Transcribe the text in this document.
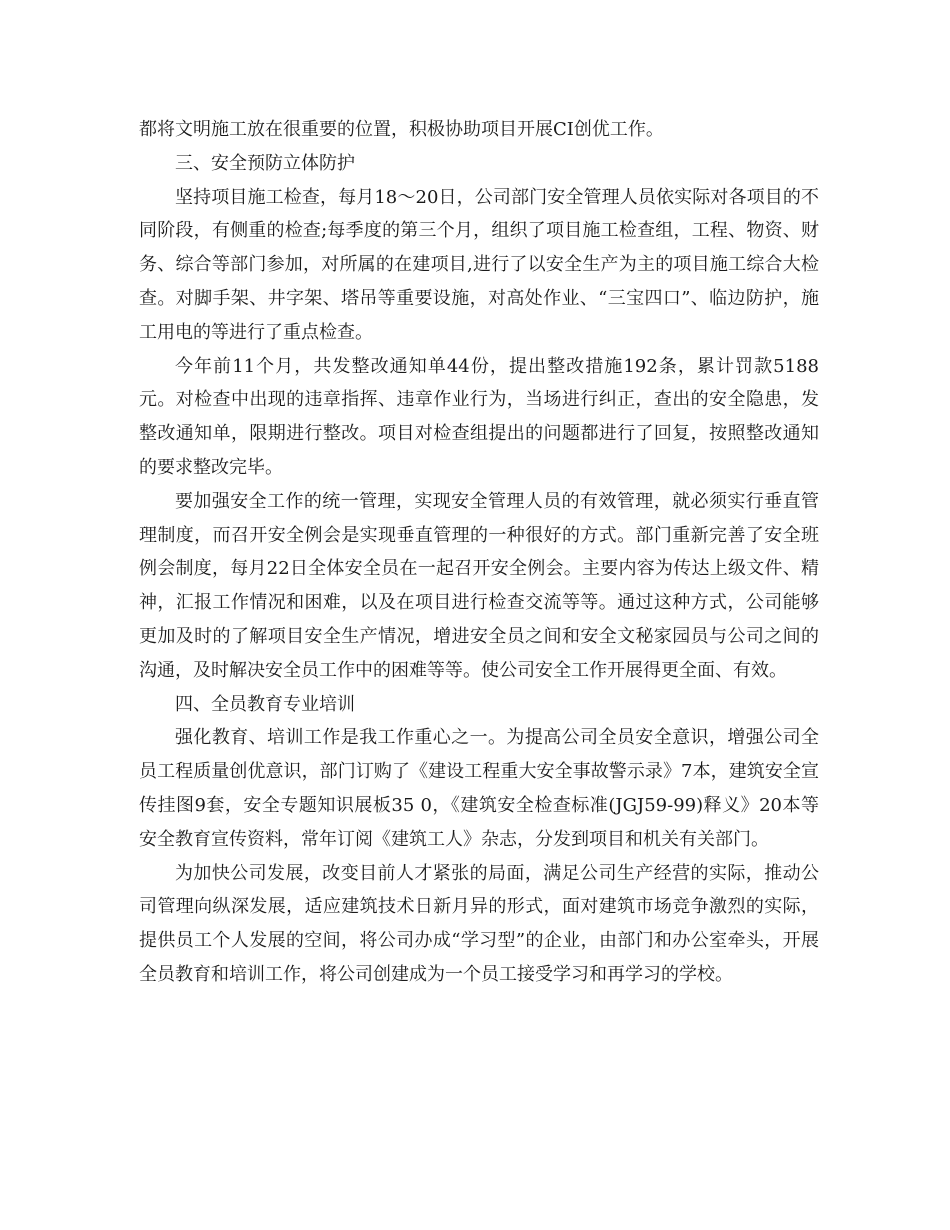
都将文明施工放在很重要的位置，积极协助项目开展CI创优工作。

三、安全预防立体防护

坚持项目施工检查，每月18～20日，公司部门安全管理人员依实际对各项目的不同阶段，有侧重的检查;每季度的第三个月，组织了项目施工检查组，工程、物资、财务、综合等部门参加，对所属的在建项目,进行了以安全生产为主的项目施工综合大检查。对脚手架、井字架、塔吊等重要设施，对高处作业、“三宝四口”、临边防护，施工用电的等进行了重点检查。

今年前11个月，共发整改通知单44份，提出整改措施192条，累计罚款5188元。对检查中出现的违章指挥、违章作业行为，当场进行纠正，查出的安全隐患，发整改通知单，限期进行整改。项目对检查组提出的问题都进行了回复，按照整改通知的要求整改完毕。

要加强安全工作的统一管理，实现安全管理人员的有效管理，就必须实行垂直管理制度，而召开安全例会是实现垂直管理的一种很好的方式。部门重新完善了安全班例会制度，每月22日全体安全员在一起召开安全例会。主要内容为传达上级文件、精神，汇报工作情况和困难，以及在项目进行检查交流等等。通过这种方式，公司能够更加及时的了解项目安全生产情况，增进安全员之间和安全文秘家园员与公司之间的沟通，及时解决安全员工作中的困难等等。使公司安全工作开展得更全面、有效。

四、全员教育专业培训

强化教育、培训工作是我工作重心之一。为提高公司全员安全意识，增强公司全员工程质量创优意识，部门订购了《建设工程重大安全事故警示录》7本，建筑安全宣传挂图9套，安全专题知识展板35 0，《建筑安全检查标准(JGJ59-99)释义》20本等安全教育宣传资料，常年订阅《建筑工人》杂志，分发到项目和机关有关部门。

为加快公司发展，改变目前人才紧张的局面，满足公司生产经营的实际，推动公司管理向纵深发展，适应建筑技术日新月异的形式，面对建筑市场竞争激烈的实际，提供员工个人发展的空间，将公司办成“学习型”的企业，由部门和办公室牵头，开展全员教育和培训工作，将公司创建成为一个员工接受学习和再学习的学校。
